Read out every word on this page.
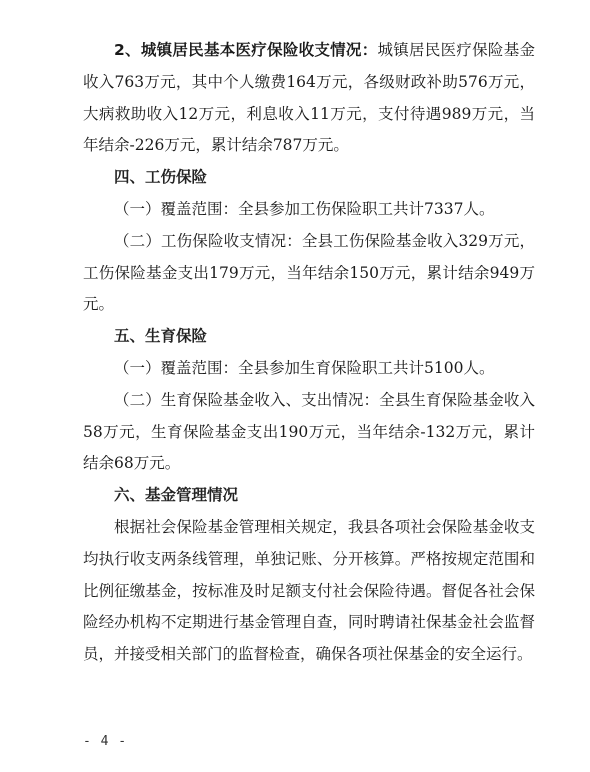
2、城镇居民基本医疗保险收支情况：城镇居民医疗保险基金收入763万元，其中个人缴费164万元，各级财政补助576万元，大病救助收入12万元，利息收入11万元，支付待遇989万元，当年结余-226万元，累计结余787万元。

四、工伤保险

（一）覆盖范围：全县参加工伤保险职工共计7337人。

（二）工伤保险收支情况：全县工伤保险基金收入329万元，工伤保险基金支出179万元，当年结余150万元，累计结余949万元。

五、生育保险

（一）覆盖范围：全县参加生育保险职工共计5100人。

（二）生育保险基金收入、支出情况：全县生育保险基金收入58万元，生育保险基金支出190万元，当年结余-132万元，累计结余68万元。

六、基金管理情况

根据社会保险基金管理相关规定，我县各项社会保险基金收支均执行收支两条线管理，单独记账、分开核算。严格按规定范围和比例征缴基金，按标准及时足额支付社会保险待遇。督促各社会保险经办机构不定期进行基金管理自查，同时聘请社保基金社会监督员，并接受相关部门的监督检查，确保各项社保基金的安全运行。

- 4 -
